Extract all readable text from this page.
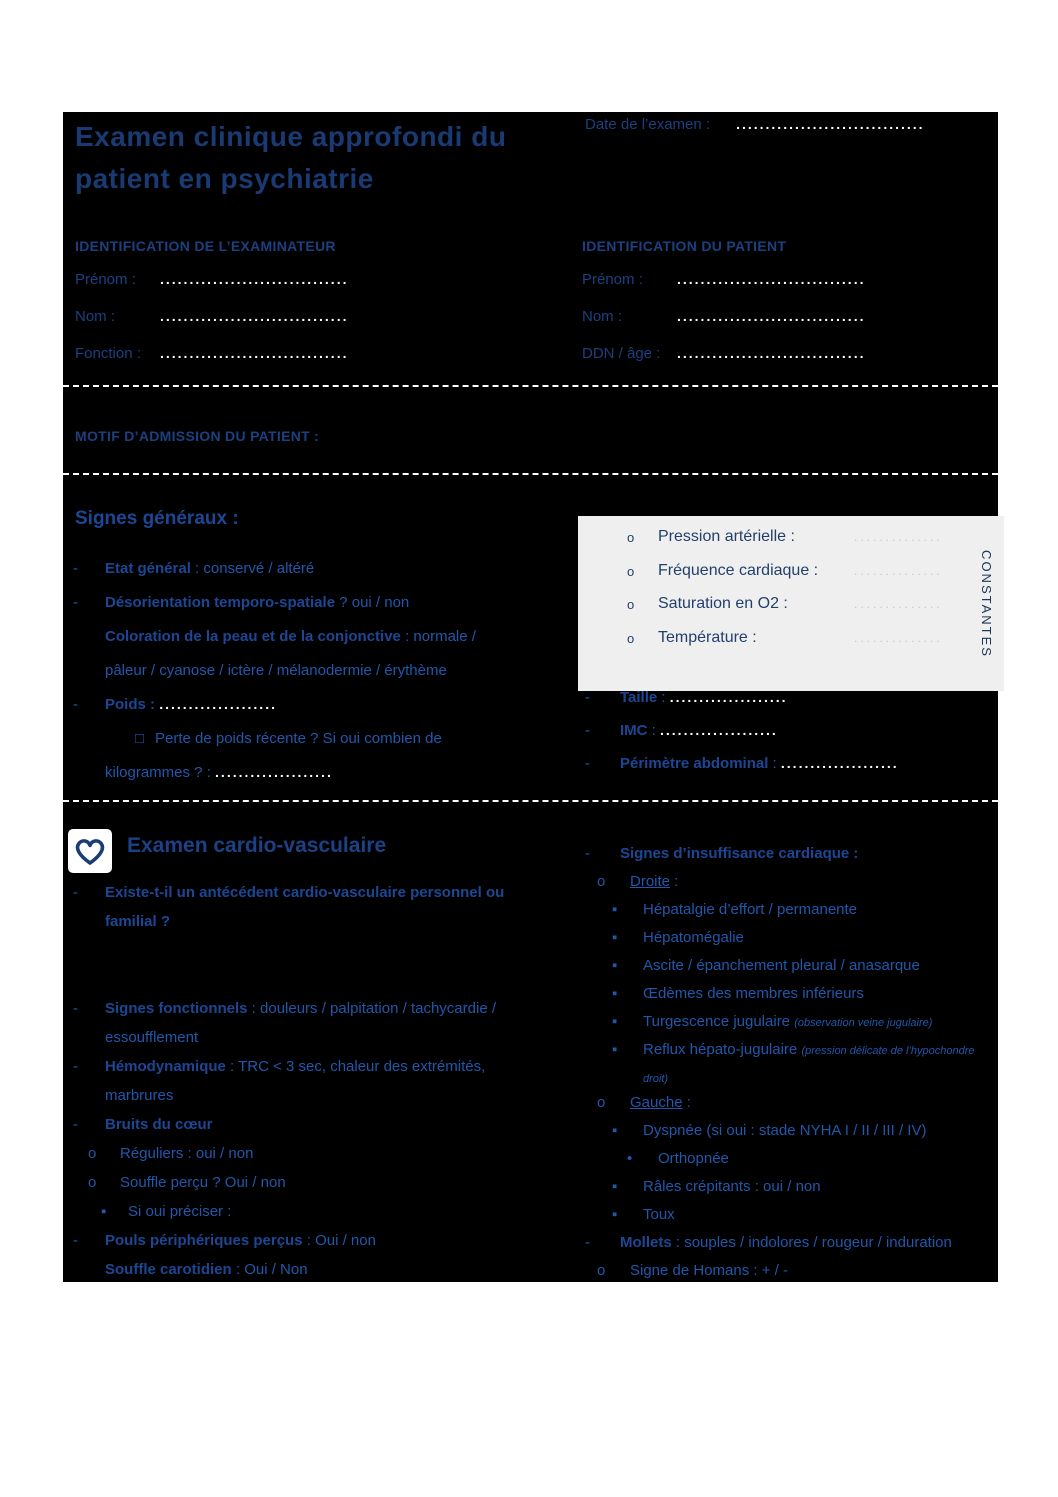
Examen clinique approfondi du
patient en psychiatrie
Date de l’examen : ................................
IDENTIFICATION DE L’EXAMINATEUR	IDENTIFICATION DU PATIENT
Prénom : ................................
Nom :	................................
Fonction : ................................
Prénom : ................................
Nom :	................................
DDN / âge : ................................
MOTIF D’ADMISSION DU PATIENT :
Signes généraux :
- Etat général : conservé / altéré
- Désorientation temporo-spatiale ? oui / non
Coloration de la peau et de la conjonctive : normale /
pâleur / cyanose / ictère / mélanodermie / érythème
- Poids : ....................
□ Perte de poids récente ? Si oui combien de
kilogrammes ? : ....................
o Pression artérielle :	..............
o Fréquence cardiaque :	..............
o Saturation en O2 :	..............
o Température :	..............	CONSTANTES
- Taille : ....................
- IMC : ....................
- Périmètre abdominal : ....................
Examen cardio-vasculaire
- Existe-t-il un antécédent cardio-vasculaire personnel ou
familial ?
- Signes fonctionnels : douleurs / palpitation / tachycardie /
essoufflement
- Hémodynamique : TRC < 3 sec, chaleur des extrémités,
marbrures
- Bruits du cœur
o Réguliers : oui / non
o Souffle perçu ? Oui / non
▪ Si oui préciser :
- Pouls périphériques perçus : Oui / non
Souffle carotidien : Oui / Non
- Signes d’insuffisance cardiaque :
o Droite :
▪ Hépatalgie d’effort / permanente
▪ Hépatomégalie
▪ Ascite / épanchement pleural / anasarque
▪ Œdèmes des membres inférieurs
▪ Turgescence jugulaire (observation veine jugulaire)
▪ Reflux hépato-jugulaire (pression délicate de l’hypochondre
droit)
o Gauche :
▪ Dyspnée (si oui : stade NYHA I / II / III / IV)
• Orthopnée
▪ Râles crépitants : oui / non
▪ Toux
- Mollets : souples / indolores / rougeur / induration
o Signe de Homans : + / -
